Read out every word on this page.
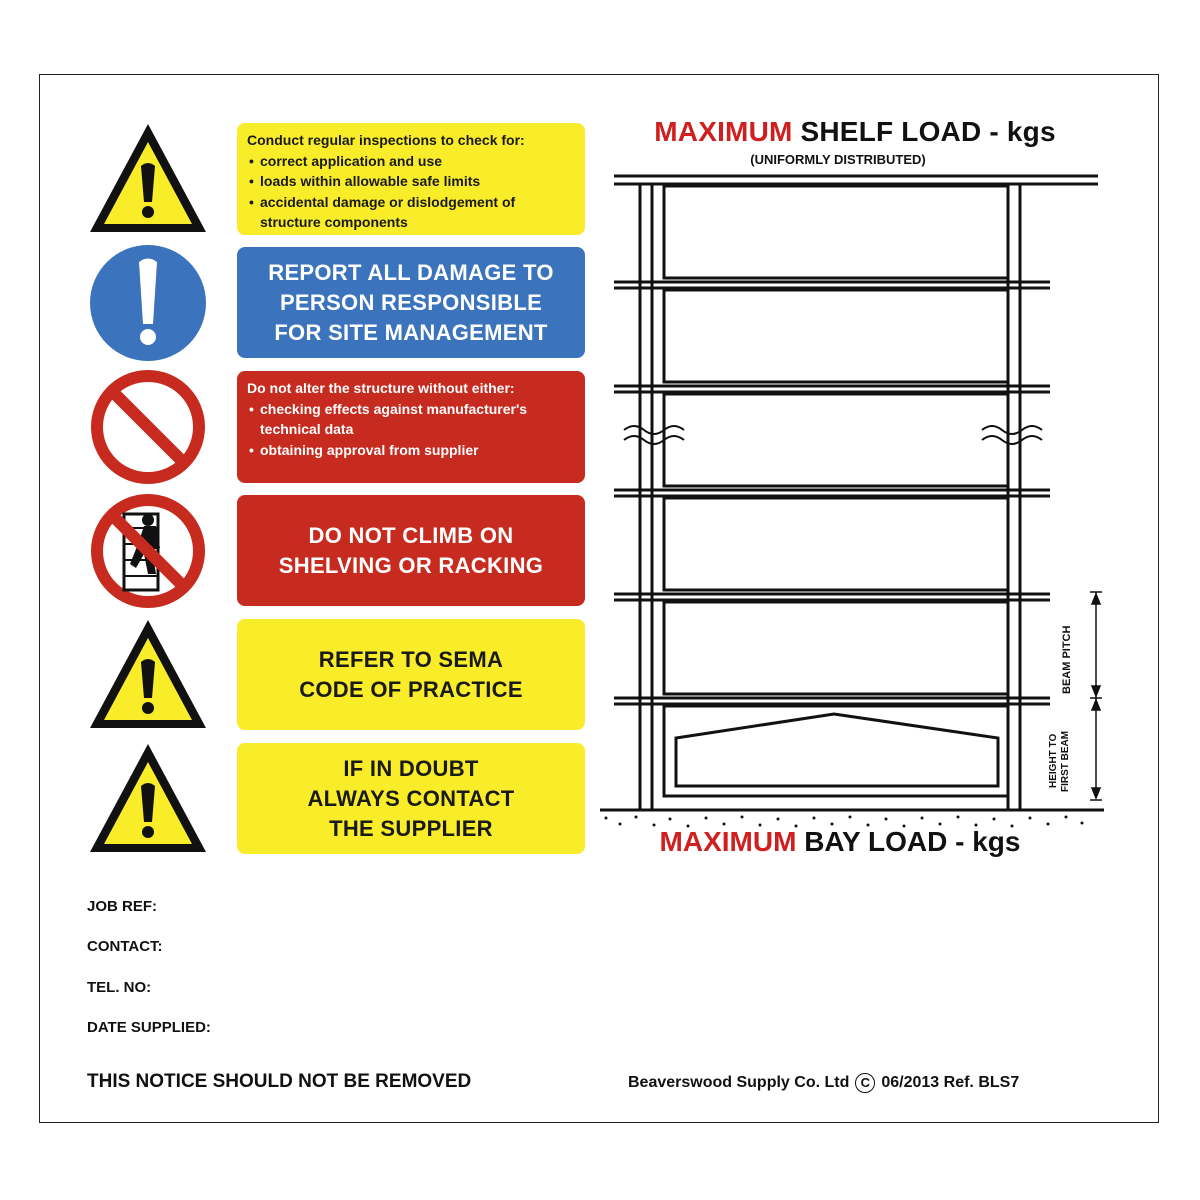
Conduct regular inspections to check for:
• correct application and use
• loads within allowable safe limits
• accidental damage or dislodgement of structure components
REPORT ALL DAMAGE TO
PERSON RESPONSIBLE
FOR SITE MANAGEMENT
Do not alter the structure without either:
• checking effects against manufacturer's technical data
• obtaining approval from supplier
DO NOT CLIMB ON
SHELVING OR RACKING
REFER TO SEMA
CODE OF PRACTICE
IF IN DOUBT
ALWAYS CONTACT
THE SUPPLIER
MAXIMUM SHELF LOAD - kgs
(UNIFORMLY DISTRIBUTED)
BEAM PITCH
HEIGHT TO FIRST BEAM
MAXIMUM BAY LOAD - kgs
JOB REF:
CONTACT:
TEL. NO:
DATE SUPPLIED:
THIS NOTICE SHOULD NOT BE REMOVED	Beaverswood Supply Co. Ltd C 06/2013 Ref. BLS7
